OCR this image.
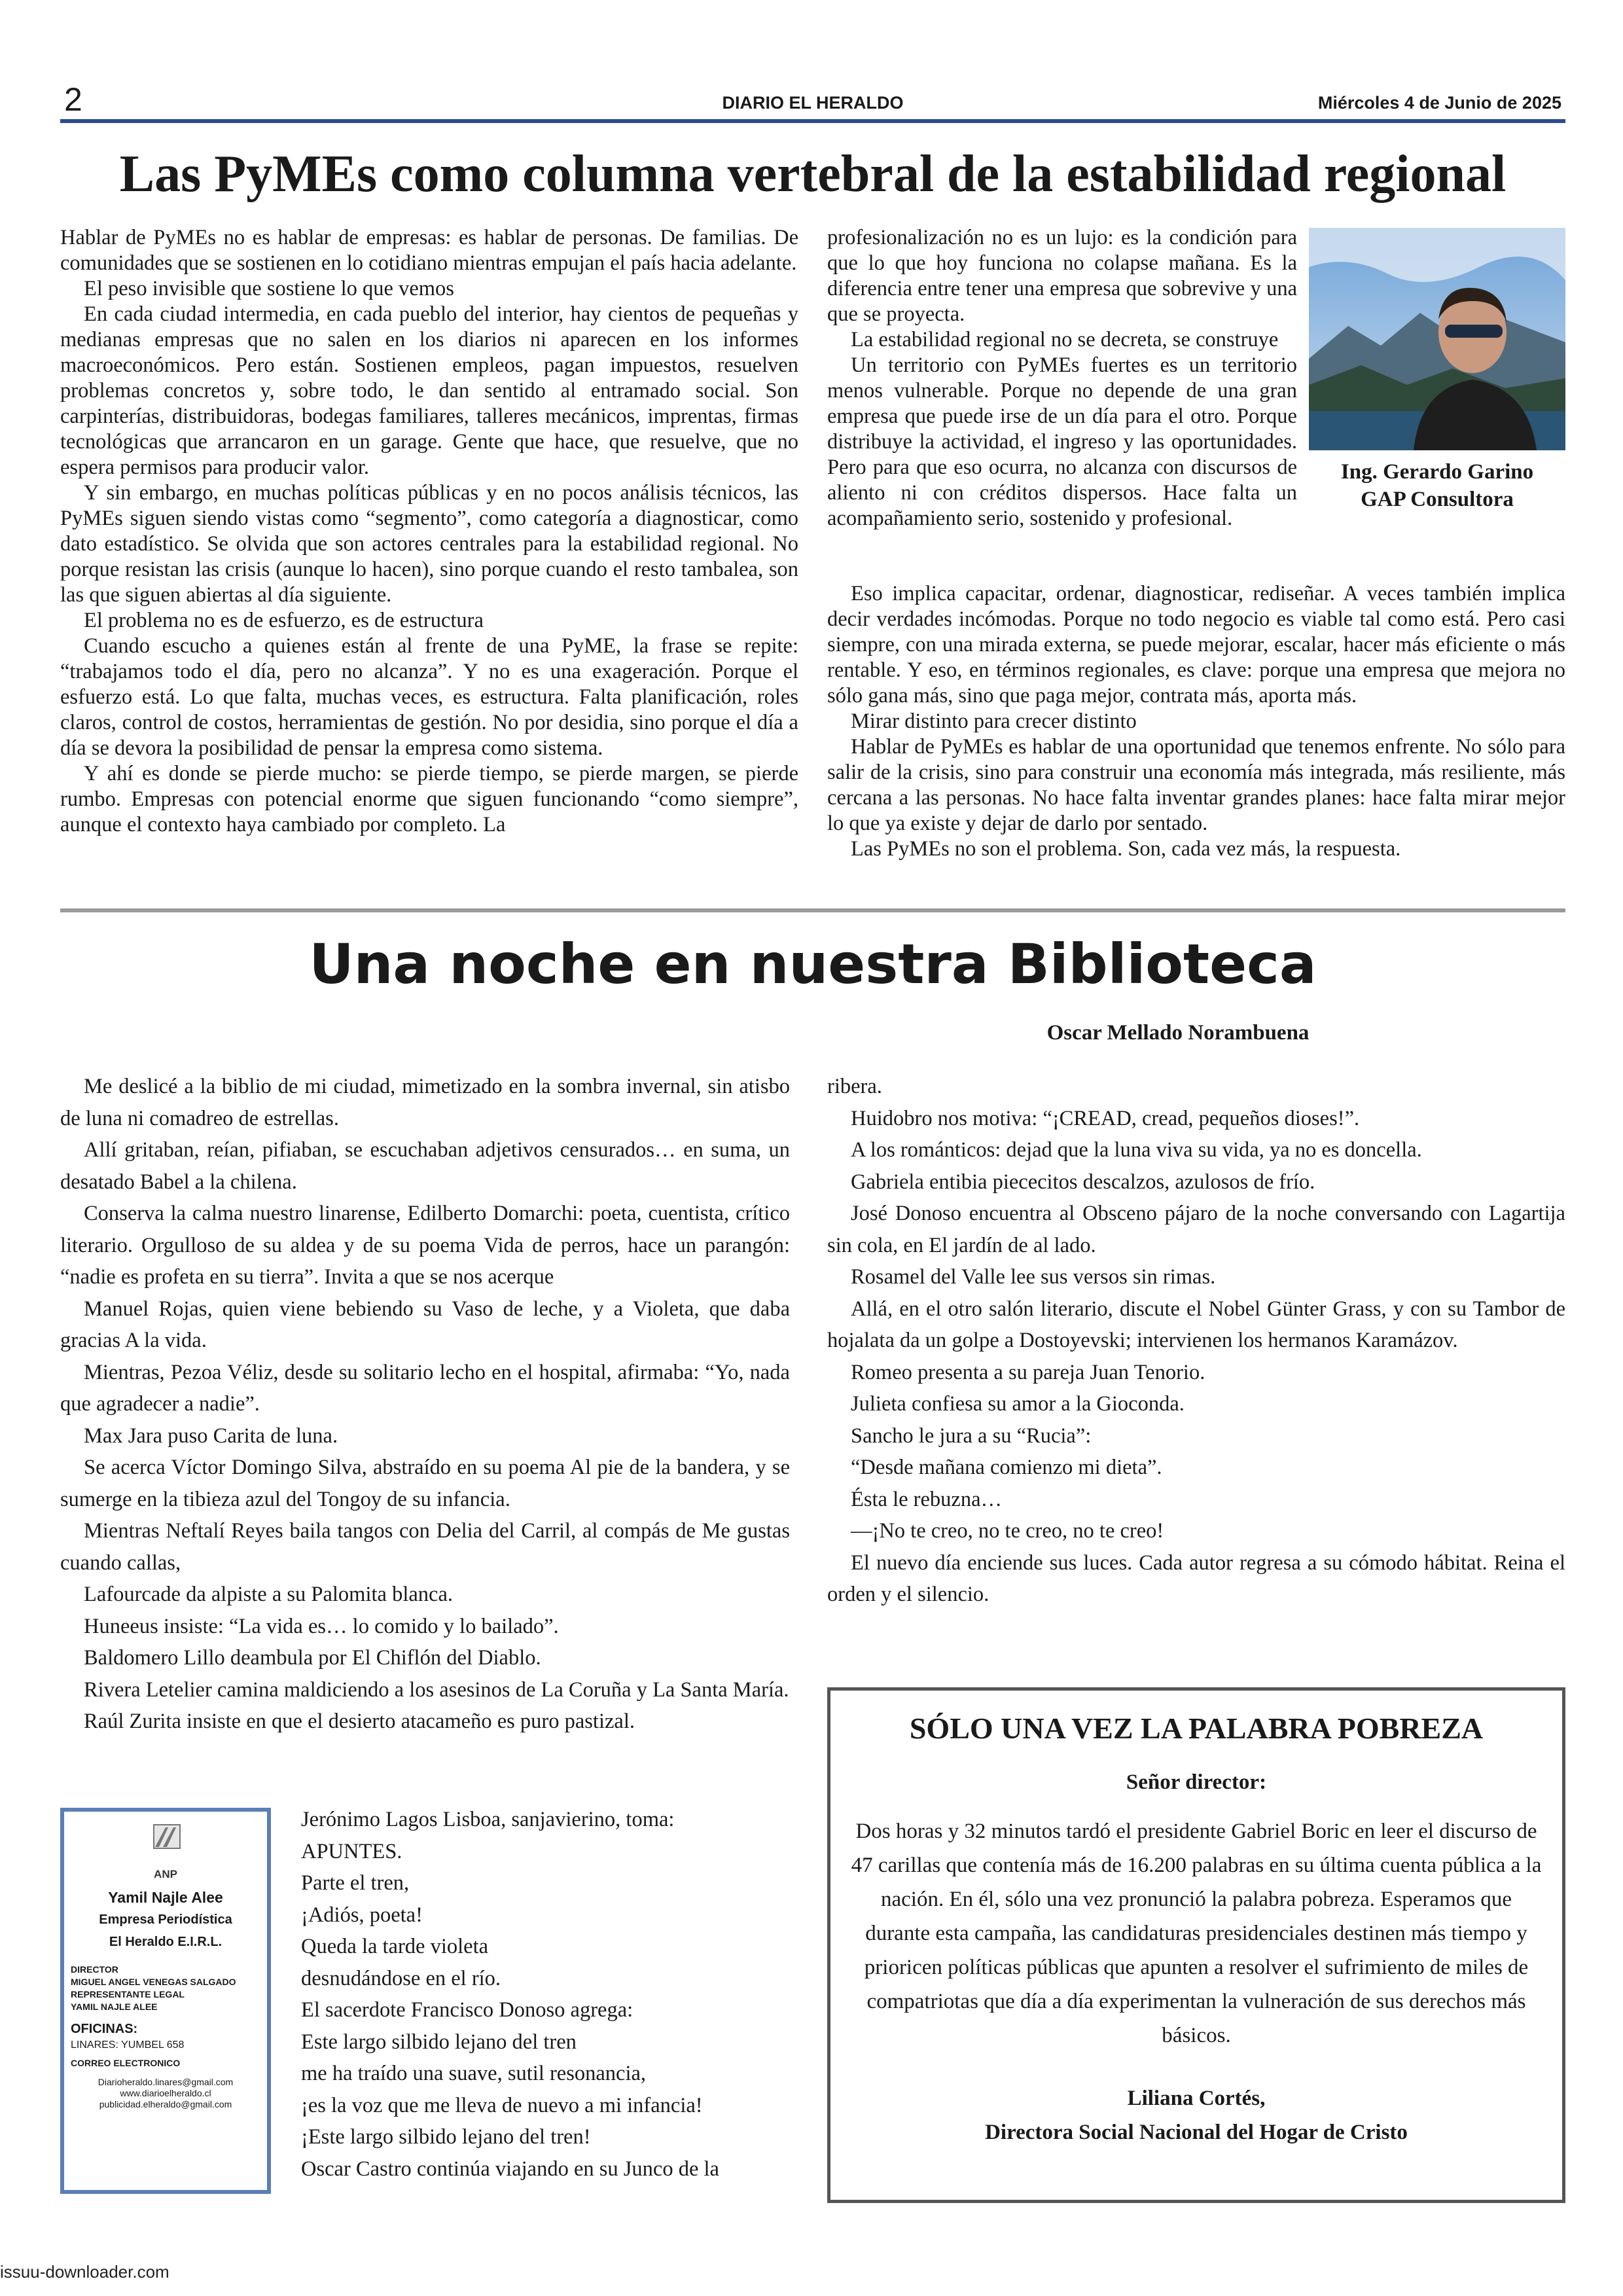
2	DIARIO EL HERALDO	Miércoles 4 de Junio de 2025
Las PyMEs como columna vertebral de la estabilidad regional

Hablar de PyMEs no es hablar de empresas: es hablar de personas. De familias. De comunidades que se sostienen en lo cotidiano mientras empujan el país hacia adelante.

El peso invisible que sostiene lo que vemos

En cada ciudad intermedia, en cada pueblo del interior, hay cientos de pequeñas y medianas empresas que no salen en los diarios ni aparecen en los informes macroeconómicos. Pero están. Sostienen empleos, pagan impuestos, resuelven problemas concretos y, sobre todo, le dan sentido al entramado social. Son carpinterías, distribuidoras, bodegas familiares, talleres mecánicos, imprentas, firmas tecnológicas que arrancaron en un garage. Gente que hace, que resuelve, que no espera permisos para producir valor.

Y sin embargo, en muchas políticas públicas y en no pocos análisis técnicos, las PyMEs siguen siendo vistas como “segmento”, como categoría a diagnosticar, como dato estadístico. Se olvida que son actores centrales para la estabilidad regional. No porque resistan las crisis (aunque lo hacen), sino porque cuando el resto tambalea, son las que siguen abiertas al día siguiente.

El problema no es de esfuerzo, es de estructura

Cuando escucho a quienes están al frente de una PyME, la frase se repite: “trabajamos todo el día, pero no alcanza”. Y no es una exageración. Porque el esfuerzo está. Lo que falta, muchas veces, es estructura. Falta planificación, roles claros, control de costos, herramientas de gestión. No por desidia, sino porque el día a día se devora la posibilidad de pensar la empresa como sistema.

Y ahí es donde se pierde mucho: se pierde tiempo, se pierde margen, se pierde rumbo. Empresas con potencial enorme que siguen funcionando “como siempre”, aunque el contexto haya cambiado por completo. La

profesionalización no es un lujo: es la condición para que lo que hoy funciona no colapse mañana. Es la diferencia entre tener una empresa que sobrevive y una que se proyecta.

La estabilidad regional no se decreta, se construye

Un territorio con PyMEs fuertes es un territorio menos vulnerable. Porque no depende de una gran empresa que puede irse de un día para el otro. Porque distribuye la actividad, el ingreso y las oportunidades. Pero para que eso ocurra, no alcanza con discursos de aliento ni con créditos dispersos. Hace falta un acompañamiento serio, sostenido y profesional.

Ing. Gerardo Garino
GAP Consultora

Eso implica capacitar, ordenar, diagnosticar, rediseñar. A veces también implica decir verdades incómodas. Porque no todo negocio es viable tal como está. Pero casi siempre, con una mirada externa, se puede mejorar, escalar, hacer más eficiente o más rentable. Y eso, en términos regionales, es clave: porque una empresa que mejora no sólo gana más, sino que paga mejor, contrata más, aporta más.

Mirar distinto para crecer distinto

Hablar de PyMEs es hablar de una oportunidad que tenemos enfrente. No sólo para salir de la crisis, sino para construir una economía más integrada, más resiliente, más cercana a las personas. No hace falta inventar grandes planes: hace falta mirar mejor lo que ya existe y dejar de darlo por sentado.

Las PyMEs no son el problema. Son, cada vez más, la respuesta.

Una noche en nuestra Biblioteca
Oscar Mellado Norambuena

Me deslicé a la biblio de mi ciudad, mimetizado en la sombra invernal, sin atisbo de luna ni comadreo de estrellas.

Allí gritaban, reían, pifiaban, se escuchaban adjetivos censurados… en suma, un desatado Babel a la chilena.

Conserva la calma nuestro linarense, Edilberto Domarchi: poeta, cuentista, crítico literario. Orgulloso de su aldea y de su poema Vida de perros, hace un parangón: “nadie es profeta en su tierra”. Invita a que se nos acerque

Manuel Rojas, quien viene bebiendo su Vaso de leche, y a Violeta, que daba gracias A la vida.

Mientras, Pezoa Véliz, desde su solitario lecho en el hospital, afirmaba: “Yo, nada que agradecer a nadie”.

Max Jara puso Carita de luna.

Se acerca Víctor Domingo Silva, abstraído en su poema Al pie de la bandera, y se sumerge en la tibieza azul del Tongoy de su infancia.

Mientras Neftalí Reyes baila tangos con Delia del Carril, al compás de Me gustas cuando callas,

Lafourcade da alpiste a su Palomita blanca.

Huneeus insiste: “La vida es… lo comido y lo bailado”.

Baldomero Lillo deambula por El Chiflón del Diablo.

Rivera Letelier camina maldiciendo a los asesinos de La Coruña y La Santa María.

Raúl Zurita insiste en que el desierto atacameño es puro pastizal.

Jerónimo Lagos Lisboa, sanjavierino, toma:

APUNTES.

Parte el tren,

¡Adiós, poeta!

Queda la tarde violeta

desnudándose en el río.

El sacerdote Francisco Donoso agrega:

Este largo silbido lejano del tren

me ha traído una suave, sutil resonancia,

¡es la voz que me lleva de nuevo a mi infancia!

¡Este largo silbido lejano del tren!

Oscar Castro continúa viajando en su Junco de la

ribera.

Huidobro nos motiva: “¡CREAD, cread, pequeños dioses!”.

A los románticos: dejad que la luna viva su vida, ya no es doncella.

Gabriela entibia piececitos descalzos, azulosos de frío.

José Donoso encuentra al Obsceno pájaro de la noche conversando con Lagartija sin cola, en El jardín de al lado.

Rosamel del Valle lee sus versos sin rimas.

Allá, en el otro salón literario, discute el Nobel Günter Grass, y con su Tambor de hojalata da un golpe a Dostoyevski; intervienen los hermanos Karamázov.

Romeo presenta a su pareja Juan Tenorio.

Julieta confiesa su amor a la Gioconda.

Sancho le jura a su “Rucia”:

“Desde mañana comienzo mi dieta”.

Ésta le rebuzna…

—¡No te creo, no te creo, no te creo!

El nuevo día enciende sus luces. Cada autor regresa a su cómodo hábitat. Reina el orden y el silencio.

ANP
Yamil Najle Alee
Empresa Periodística
El Heraldo E.I.R.L.
DIRECTOR
MIGUEL ANGEL VENEGAS SALGADO
REPRESENTANTE LEGAL
YAMIL NAJLE ALEE
OFICINAS:
LINARES: YUMBEL 658
CORREO ELECTRONICO
Diarioheraldo.linares@gmail.com
www.diarioelheraldo.cl
publicidad.elheraldo@gmail.com
SÓLO UNA VEZ LA PALABRA POBREZA
Señor director:
Dos horas y 32 minutos tardó el presidente Gabriel Boric en leer el discurso de 47 carillas que contenía más de 16.200 palabras en su última cuenta pública a la nación. En él, sólo una vez pronunció la palabra pobreza. Esperamos que durante esta campaña, las candidaturas presidenciales destinen más tiempo y prioricen políticas públicas que apunten a resolver el sufrimiento de miles de compatriotas que día a día experimentan la vulneración de sus derechos más básicos.
Liliana Cortés,
Directora Social Nacional del Hogar de Cristo
issuu-downloader.com
